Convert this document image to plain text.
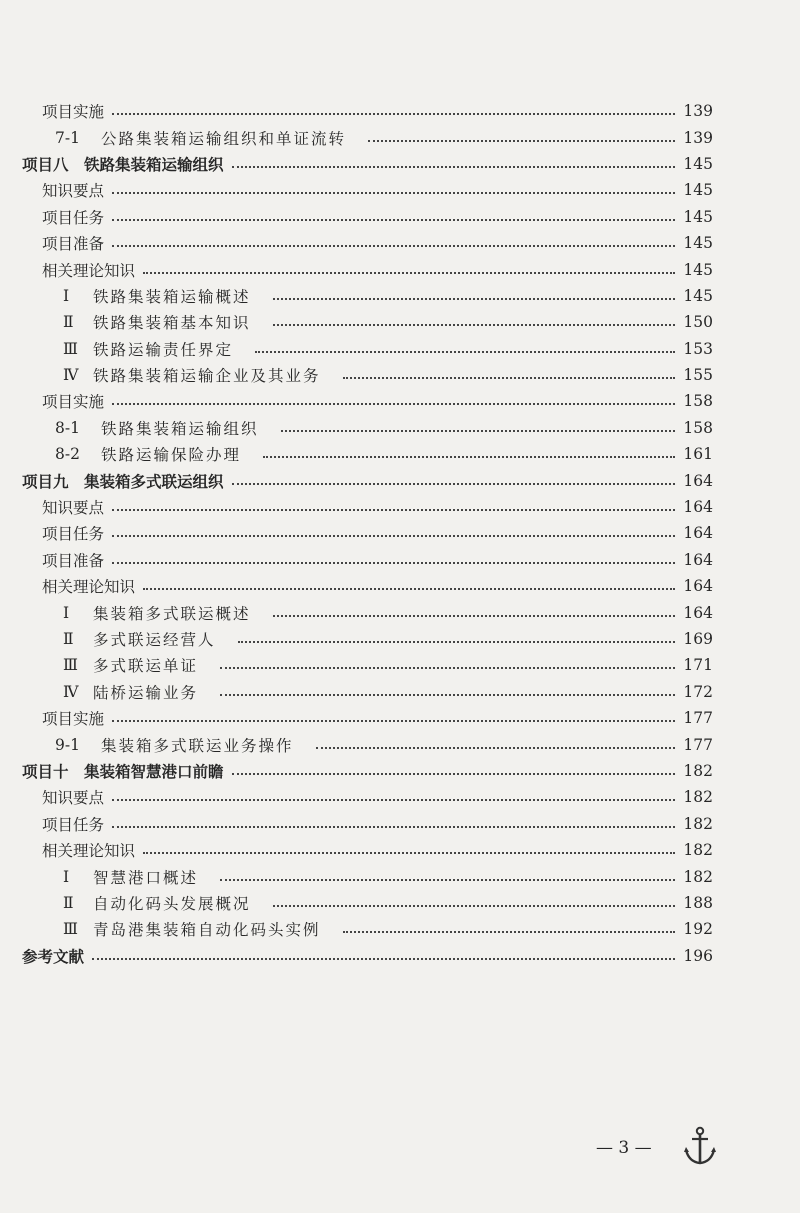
项目实施	139
7-1	公路集装箱运输组织和单证流转	139
项目八　铁路集装箱运输组织	145
知识要点	145
项目任务	145
项目准备	145
相关理论知识	145
Ⅰ	铁路集装箱运输概述	145
Ⅱ	铁路集装箱基本知识	150
Ⅲ 铁路运输责任界定	153
Ⅳ 铁路集装箱运输企业及其业务	155
项目实施	158
8-1	铁路集装箱运输组织	158
8-2	铁路运输保险办理	161
项目九　集装箱多式联运组织	164
知识要点	164
项目任务	164
项目准备	164
相关理论知识	164
Ⅰ	集装箱多式联运概述	164
Ⅱ	多式联运经营人	169
Ⅲ 多式联运单证	171
Ⅳ 陆桥运输业务	172
项目实施	177
9-1	集装箱多式联运业务操作	177
项目十　集装箱智慧港口前瞻	182
知识要点	182
项目任务	182
相关理论知识	182
Ⅰ	智慧港口概述	182
Ⅱ	自动化码头发展概况	188
Ⅲ 青岛港集装箱自动化码头实例	192
参考文献	196
— 3 —
